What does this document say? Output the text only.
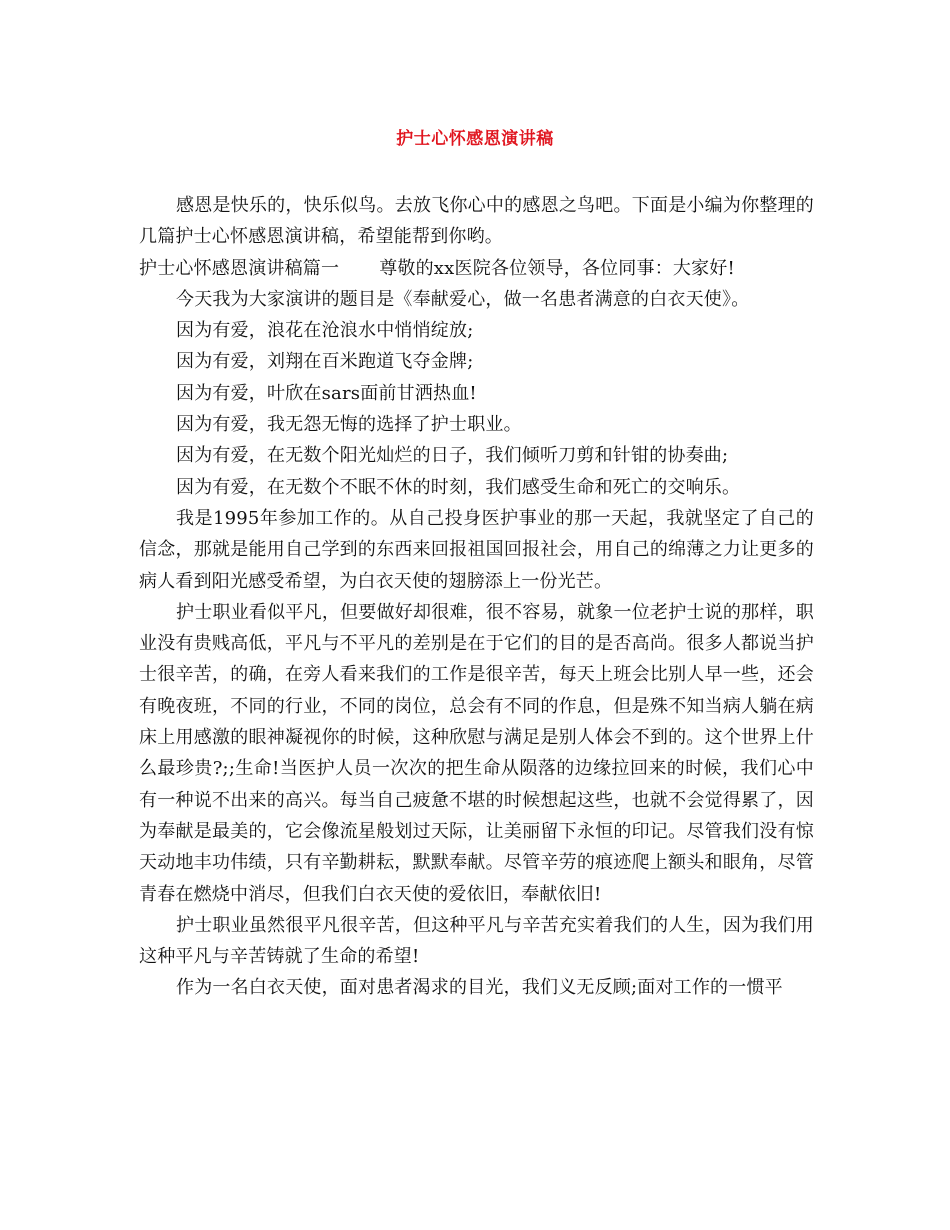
护士心怀感恩演讲稿

感恩是快乐的，快乐似鸟。去放飞你心中的感恩之鸟吧。下面是小编为你整理的几篇护士心怀感恩演讲稿，希望能帮到你哟。

护士心怀感恩演讲稿篇一 尊敬的xx医院各位领导，各位同事：大家好!

今天我为大家演讲的题目是《奉献爱心，做一名患者满意的白衣天使》。

因为有爱，浪花在沧浪水中悄悄绽放;

因为有爱，刘翔在百米跑道飞夺金牌;

因为有爱，叶欣在sars面前甘洒热血!

因为有爱，我无怨无悔的选择了护士职业。

因为有爱，在无数个阳光灿烂的日子，我们倾听刀剪和针钳的协奏曲;

因为有爱，在无数个不眠不休的时刻，我们感受生命和死亡的交响乐。

我是1995年参加工作的。从自己投身医护事业的那一天起，我就坚定了自己的信念，那就是能用自己学到的东西来回报祖国回报社会，用自己的绵薄之力让更多的病人看到阳光感受希望，为白衣天使的翅膀添上一份光芒。

护士职业看似平凡，但要做好却很难，很不容易，就象一位老护士说的那样，职业没有贵贱高低，平凡与不平凡的差别是在于它们的目的是否高尚。很多人都说当护士很辛苦，的确，在旁人看来我们的工作是很辛苦，每天上班会比别人早一些，还会有晚夜班，不同的行业，不同的岗位，总会有不同的作息，但是殊不知当病人躺在病床上用感激的眼神凝视你的时候，这种欣慰与满足是别人体会不到的。这个世界上什么最珍贵?;;生命!当医护人员一次次的把生命从陨落的边缘拉回来的时候，我们心中有一种说不出来的高兴。每当自己疲惫不堪的时候想起这些，也就不会觉得累了，因为奉献是最美的，它会像流星般划过天际，让美丽留下永恒的印记。尽管我们没有惊天动地丰功伟绩，只有辛勤耕耘，默默奉献。尽管辛劳的痕迹爬上额头和眼角，尽管青春在燃烧中消尽，但我们白衣天使的爱依旧，奉献依旧!

护士职业虽然很平凡很辛苦，但这种平凡与辛苦充实着我们的人生，因为我们用这种平凡与辛苦铸就了生命的希望!

作为一名白衣天使，面对患者渴求的目光，我们义无反顾;面对工作的一惯平
